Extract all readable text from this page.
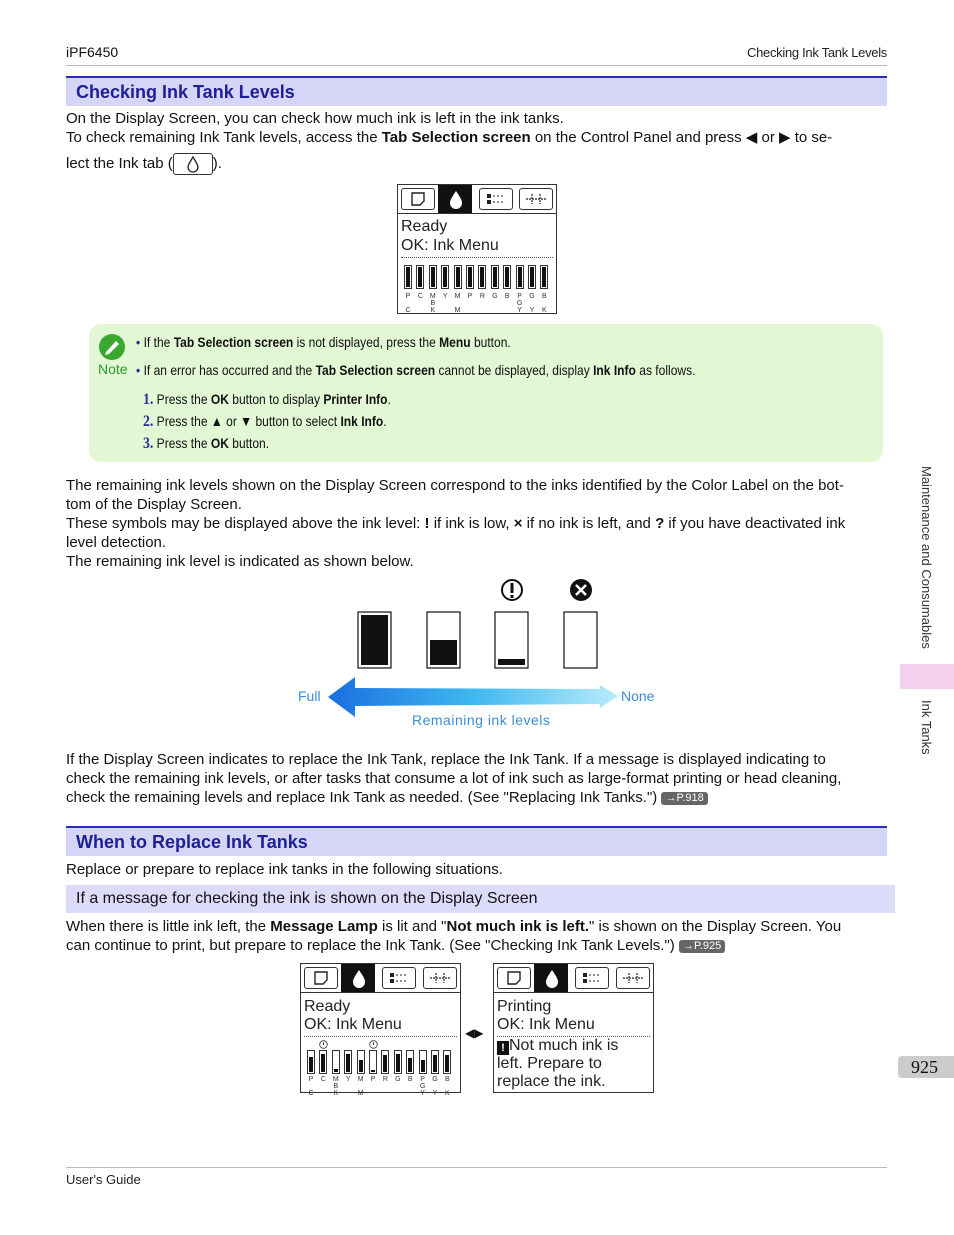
iPF6450	Checking Ink Tank Levels
Checking Ink Tank Levels
On the Display Screen, you can check how much ink is left in the ink tanks.
To check remaining Ink Tank levels, access the Tab Selection screen on the Control Panel and press ◀ or ▶ to se-
lect the Ink tab (	).
Ready
OK: Ink Menu
P
C
C M
B
K
Y	M
M
P	R	G	B	P
G
Y
G
Y
B
K
Note
• If the Tab Selection screen is not displayed, press the Menu button.
• If an error has occurred and the Tab Selection screen cannot be displayed, display Ink Info as follows.
1. Press the OK button to display Printer Info.
2. Press the ▲ or ▼ button to select Ink Info.
3. Press the OK button.
The remaining ink levels shown on the Display Screen correspond to the inks identified by the Color Label on the bot-
tom of the Display Screen.
These symbols may be displayed above the ink level: ! if ink is low, × if no ink is left, and ? if you have deactivated ink
level detection.
The remaining ink level is indicated as shown below.
Full	None
Remaining ink levels
If the Display Screen indicates to replace the Ink Tank, replace the Ink Tank. If a message is displayed indicating to
check the remaining ink levels, or after tasks that consume a lot of ink such as large-format printing or head cleaning,
check the remaining levels and replace Ink Tank as needed. (See "Replacing Ink Tanks.") →P.918
When to Replace Ink Tanks
Replace or prepare to replace ink tanks in the following situations.
If a message for checking the ink is shown on the Display Screen
When there is little ink left, the Message Lamp is lit and "Not much ink is left." is shown on the Display Screen. You
can continue to print, but prepare to replace the Ink Tank. (See "Checking Ink Tank Levels.") →P.925
Ready
OK: Ink Menu
P
C
C M
B
K
Y	M
M
P	R	G	B	P
G
Y
G
Y
B
K
◀▶
Printing
OK: Ink Menu
! Not much ink is
left. Prepare to
replace the ink.
Maintenance and Consumables
Ink Tanks
925
User's Guide
